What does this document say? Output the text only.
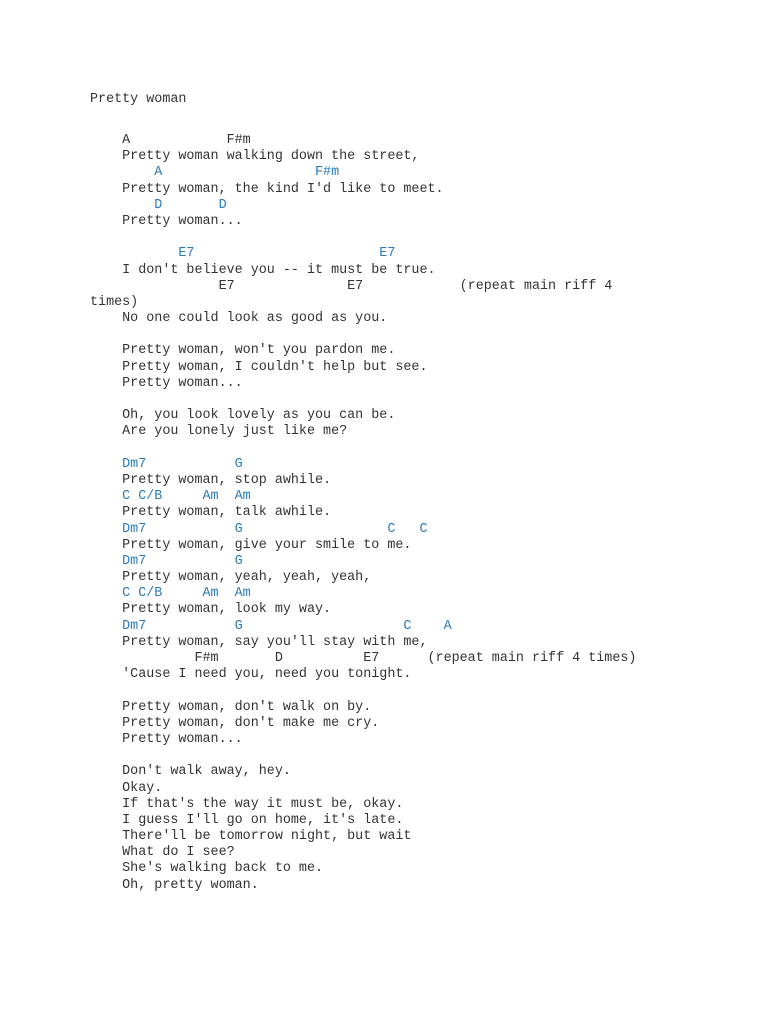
Pretty woman
A            F#m
Pretty woman walking down the street,
A                   F#m
Pretty woman, the kind I'd like to meet.
D       D
Pretty woman...
E7                       E7
I don't believe you -- it must be true.
E7              E7            (repeat main riff 4
times)
No one could look as good as you.
Pretty woman, won't you pardon me.
Pretty woman, I couldn't help but see.
Pretty woman...
Oh, you look lovely as you can be.
Are you lonely just like me?
Dm7           G
Pretty woman, stop awhile.
C C/B     Am  Am
Pretty woman, talk awhile.
Dm7           G                  C   C
Pretty woman, give your smile to me.
Dm7           G
Pretty woman, yeah, yeah, yeah,
C C/B     Am  Am
Pretty woman, look my way.
Dm7           G                    C    A
Pretty woman, say you'll stay with me,
F#m       D          E7      (repeat main riff 4 times)
'Cause I need you, need you tonight.
Pretty woman, don't walk on by.
Pretty woman, don't make me cry.
Pretty woman...
Don't walk away, hey.
Okay.
If that's the way it must be, okay.
I guess I'll go on home, it's late.
There'll be tomorrow night, but wait
What do I see?
She's walking back to me.
Oh, pretty woman.
